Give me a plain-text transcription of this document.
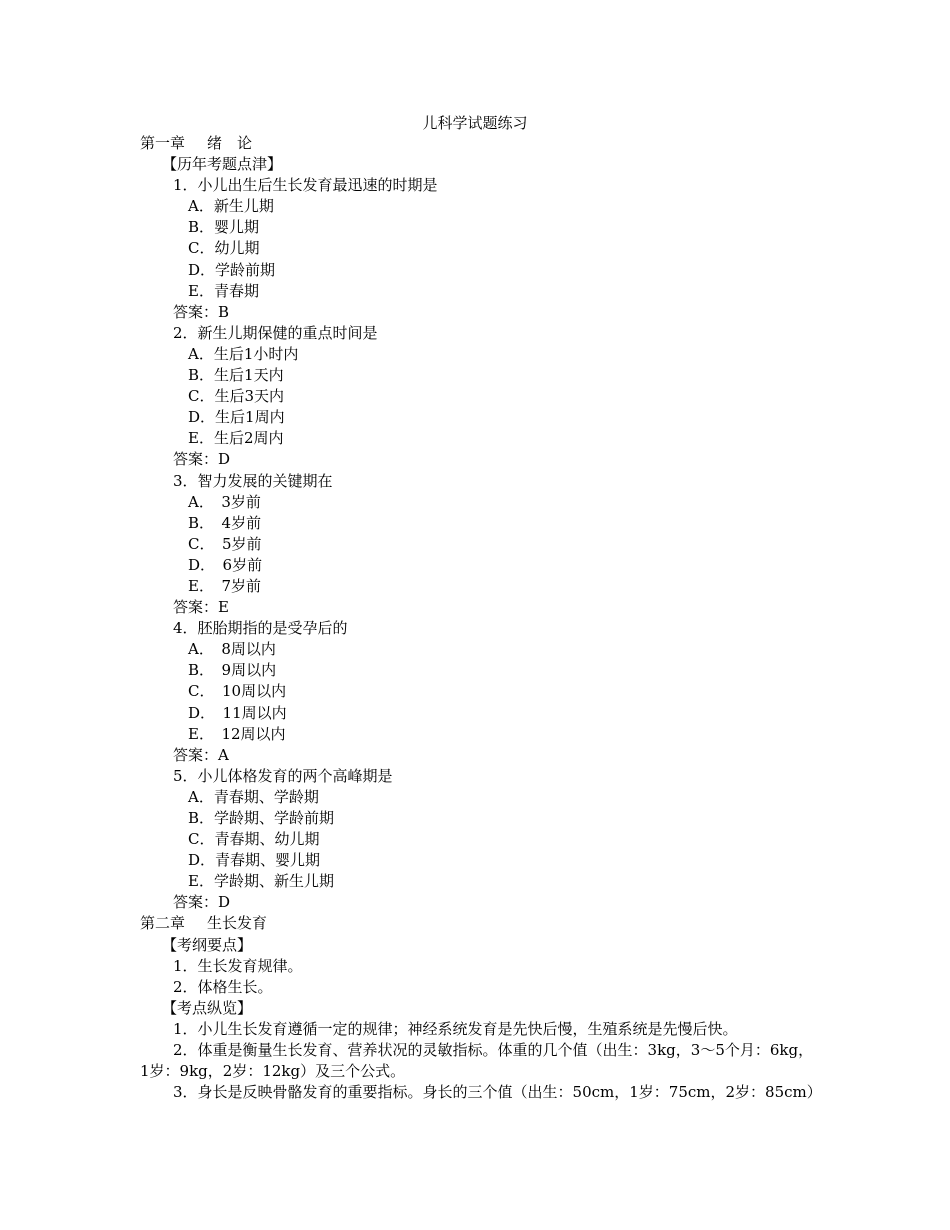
儿科学试题练习

第一章 绪　论

【历年考题点津】

1．小儿出生后生长发育最迅速的时期是

A．新生儿期

B．婴儿期

C．幼儿期

D．学龄前期

E．青春期

答案：B

2．新生儿期保健的重点时间是

A．生后1小时内

B．生后1天内

C．生后3天内

D．生后1周内

E．生后2周内

答案：D

3．智力发展的关键期在

A．　3岁前

B．　4岁前

C．　5岁前

D．　6岁前

E．　7岁前

答案：E

4．胚胎期指的是受孕后的

A．　8周以内

B．　9周以内

C．　10周以内

D．　11周以内

E．　12周以内

答案：A

5．小儿体格发育的两个高峰期是

A．青春期、学龄期

B．学龄期、学龄前期

C．青春期、幼儿期

D．青春期、婴儿期

E．学龄期、新生儿期

答案：D

第二章 生长发育

【考纲要点】

1．生长发育规律。

2．体格生长。

【考点纵览】

1．小儿生长发育遵循一定的规律；神经系统发育是先快后慢，生殖系统是先慢后快。

2．体重是衡量生长发育、营养状况的灵敏指标。体重的几个值（出生：3kg，3～5个月：6kg，1岁：9kg，2岁：12kg）及三个公式。

3．身长是反映骨骼发育的重要指标。身长的三个值（出生：50cm，1岁：75cm，2岁：85cm）
